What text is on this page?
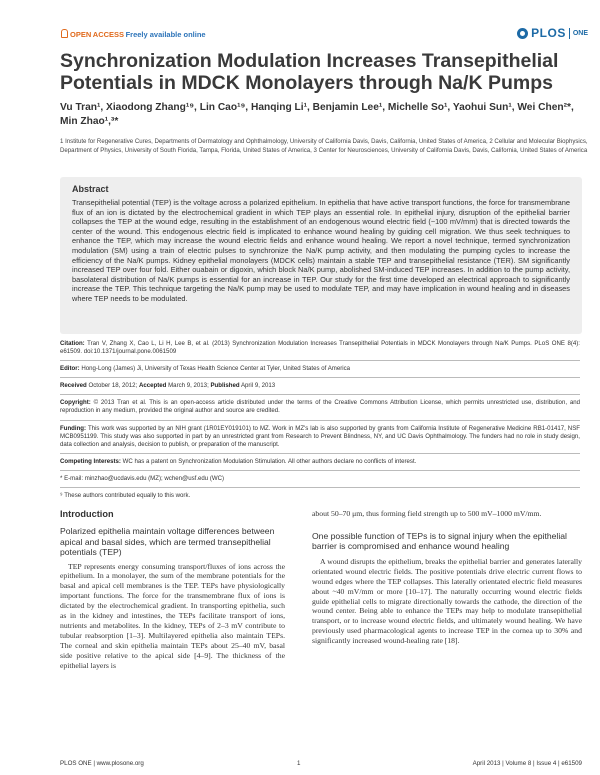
OPEN  ACCESS  Freely available online	PLOS ONE
Synchronization Modulation Increases Transepithelial Potentials in MDCK Monolayers through Na/K Pumps
Vu Tran¹, Xiaodong Zhang¹⁹, Lin Cao¹⁹, Hanqing Li¹, Benjamin Lee¹, Michelle So¹, Yaohui Sun¹, Wei Chen²*, Min Zhao¹,³*
1 Institute for Regenerative Cures, Departments of Dermatology and Ophthalmology, University of California Davis, Davis, California, United States of America, 2 Cellular and Molecular Biophysics, Department of Physics, University of South Florida, Tampa, Florida, United States of America, 3 Center for Neurosciences, University of California Davis, Davis, California, United States of America
Abstract
Transepithelial potential (TEP) is the voltage across a polarized epithelium. In epithelia that have active transport functions, the force for transmembrane flux of an ion is dictated by the electrochemical gradient in which TEP plays an essential role. In epithelial injury, disruption of the epithelial barrier collapses the TEP at the wound edge, resulting in the establishment of an endogenous wound electric field (~100 mV/mm) that is directed towards the center of the wound. This endogenous electric field is implicated to enhance wound healing by guiding cell migration. We thus seek techniques to enhance the TEP, which may increase the wound electric fields and enhance wound healing. We report a novel technique, termed synchronization modulation (SM) using a train of electric pulses to synchronize the Na/K pump activity, and then modulating the pumping cycles to increase the efficiency of the Na/K pumps. Kidney epithelial monolayers (MDCK cells) maintain a stable TEP and transepithelial resistance (TER). SM significantly increased TEP over four fold. Either ouabain or digoxin, which block Na/K pump, abolished SM-induced TEP increases. In addition to the pump activity, basolateral distribution of Na/K pumps is essential for an increase in TEP. Our study for the first time developed an electrical approach to significantly increase the TEP. This technique targeting the Na/K pump may be used to modulate TEP, and may have implication in wound healing and in diseases where TEP needs to be modulated.

Citation: Tran V, Zhang X, Cao L, Li H, Lee B, et al. (2013) Synchronization Modulation Increases Transepithelial Potentials in MDCK Monolayers through Na/K Pumps. PLoS ONE 8(4): e61509. doi:10.1371/journal.pone.0061509

Editor: Hong-Long (James) Ji, University of Texas Health Science Center at Tyler, United States of America

Received October 18, 2012; Accepted March 9, 2013; Published April 9, 2013

Copyright: © 2013 Tran et al. This is an open-access article distributed under the terms of the Creative Commons Attribution License, which permits unrestricted use, distribution, and reproduction in any medium, provided the original author and source are credited.

Funding: This work was supported by an NIH grant (1R01EY019101) to MZ. Work in MZ's lab is also supported by grants from California Institute of Regenerative Medicine RB1-01417, NSF MCB0951199. This study was also supported in part by an unrestricted grant from Research to Prevent Blindness, NY, and UC Davis Ophthalmology. The funders had no role in study design, data collection and analysis, decision to publish, or preparation of the manuscript.

Competing Interests: WC has a patent on Synchronization Modulation Stimulation. All other authors declare no conflicts of interest.

* E-mail: minzhao@ucdavis.edu (MZ); wchen@usf.edu (WC)

⁹ These authors contributed equally to this work.

Introduction
Polarized epithelia maintain voltage differences between apical and basal sides, which are termed transepithelial potentials (TEP)

TEP represents energy consuming transport/fluxes of ions across the epithelium. In a monolayer, the sum of the membrane potentials for the basal and apical cell membranes is the TEP. TEPs have physiologically important functions. The force for the transmembrane flux of ions is dictated by the electrochemical gradient. In transporting epithelia, such as in the kidney and intestines, the TEPs facilitate transport of ions, nutrients and metabolites. In the kidney, TEPs of 2–3 mV contribute to tubular reabsorption [1–3]. Multilayered epithelia also maintain TEPs. The corneal and skin epithelia maintain TEPs about 25–40 mV, basal side positive relative to the apical side [4–9]. The thickness of the epithelial layers is

about 50–70 μm, thus forming field strength up to 500 mV–1000 mV/mm.

One possible function of TEPs is to signal injury when the epithelial barrier is compromised and enhance wound healing

A wound disrupts the epithelium, breaks the epithelial barrier and generates laterally orientated wound electric fields. The positive potentials drive electric current flows to wound edges where the TEP collapses. This laterally orientated electric field measures about ~40 mV/mm or more [10–17]. The naturally occurring wound electric fields guide epithelial cells to migrate directionally towards the cathode, the direction of the wound center. Being able to enhance the TEPs may help to modulate transepithelial transport, or to increase wound electric fields, and ultimately wound healing. We have previously used pharmacological agents to increase TEP in the cornea up to 30% and significantly increased wound-healing rate [18].

PLOS ONE | www.plosone.org	1	April 2013 | Volume 8 | Issue 4 | e61509
